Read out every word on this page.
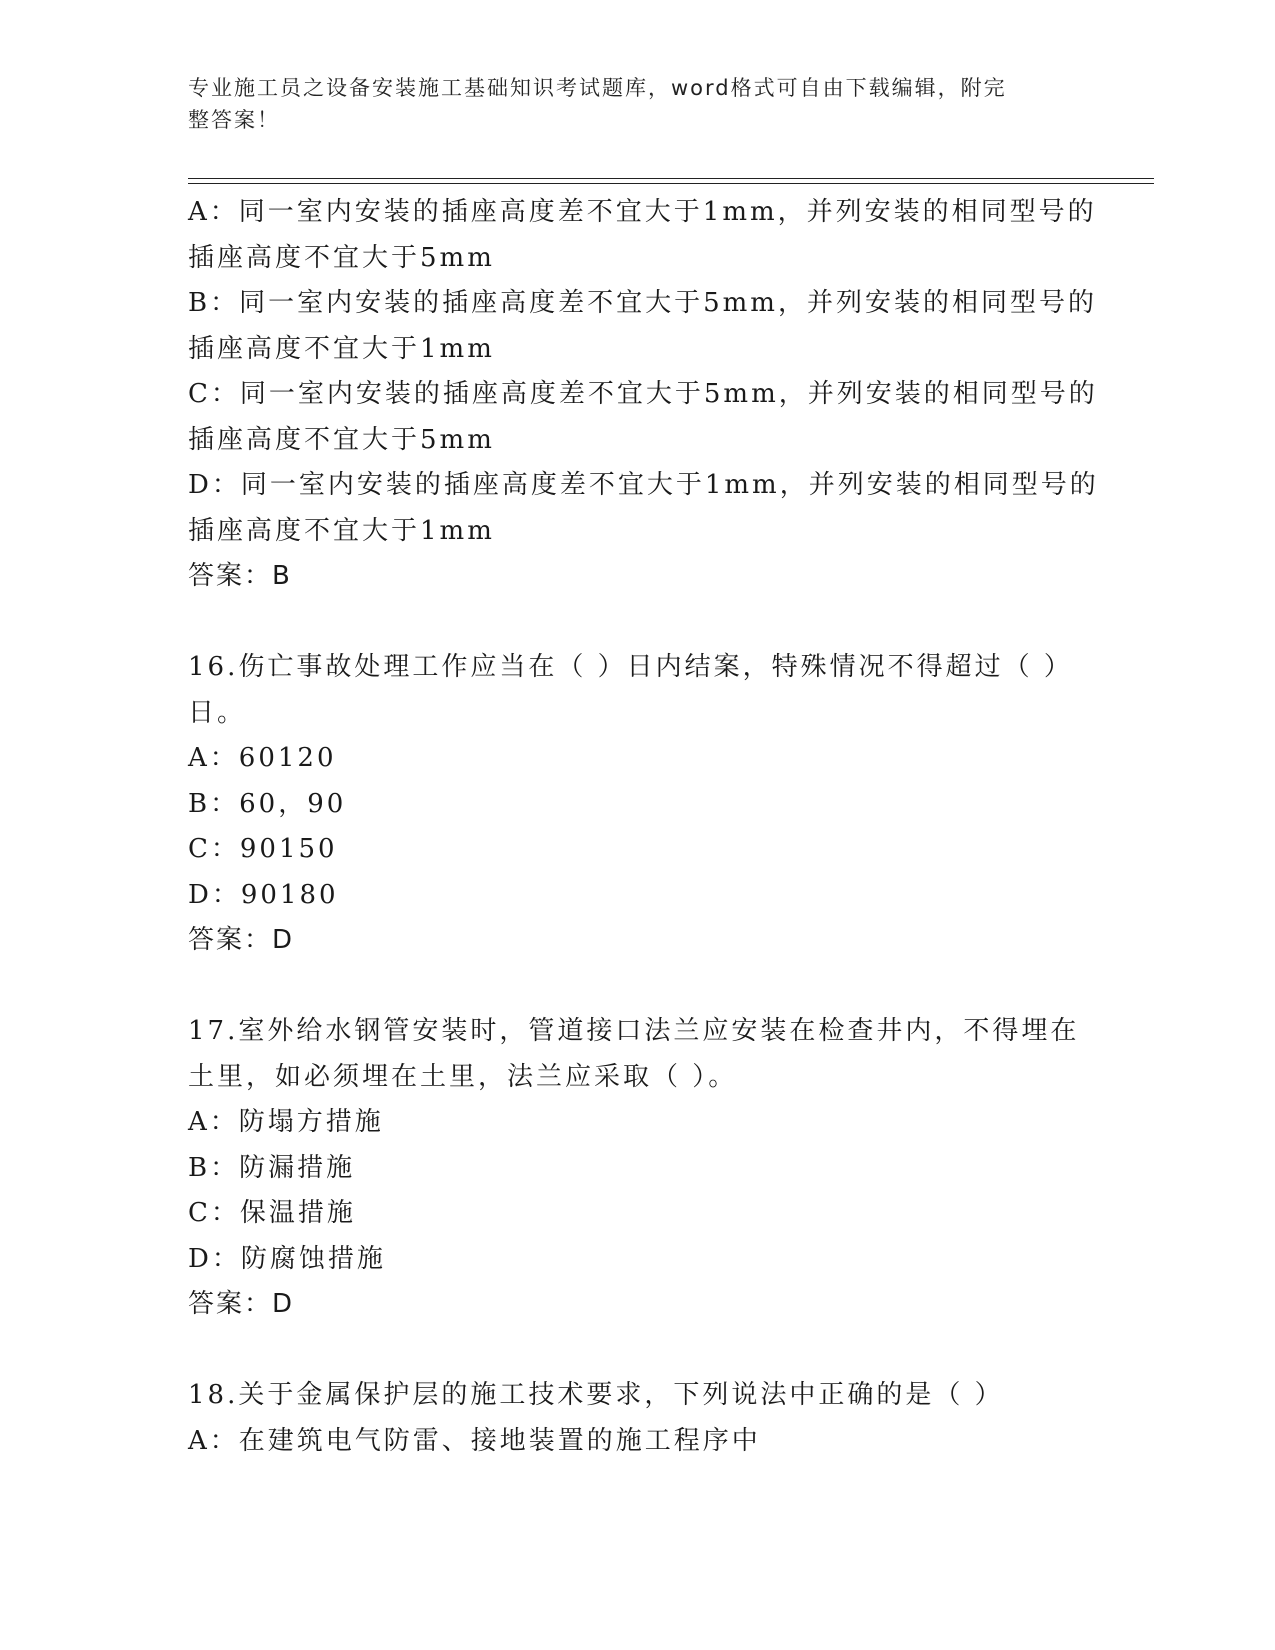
专业施工员之设备安装施工基础知识考试题库，word格式可自由下载编辑，附完
整答案！
A：同一室内安装的插座高度差不宜大于1mm，并列安装的相同型号的
插座高度不宜大于5mm
B：同一室内安装的插座高度差不宜大于5mm，并列安装的相同型号的
插座高度不宜大于1mm
C：同一室内安装的插座高度差不宜大于5mm，并列安装的相同型号的
插座高度不宜大于5mm
D：同一室内安装的插座高度差不宜大于1mm，并列安装的相同型号的
插座高度不宜大于1mm
答案：B
16.伤亡事故处理工作应当在（ ）日内结案，特殊情况不得超过（ ）
日。
A：60120
B：60，90
C：90150
D：90180
答案：D
17.室外给水钢管安装时，管道接口法兰应安装在检查井内，不得埋在
土里，如必须埋在土里，法兰应采取（ ）。
A：防塌方措施
B：防漏措施
C：保温措施
D：防腐蚀措施
答案：D
18.关于金属保护层的施工技术要求，下列说法中正确的是（ ）
A：在建筑电气防雷、接地装置的施工程序中
